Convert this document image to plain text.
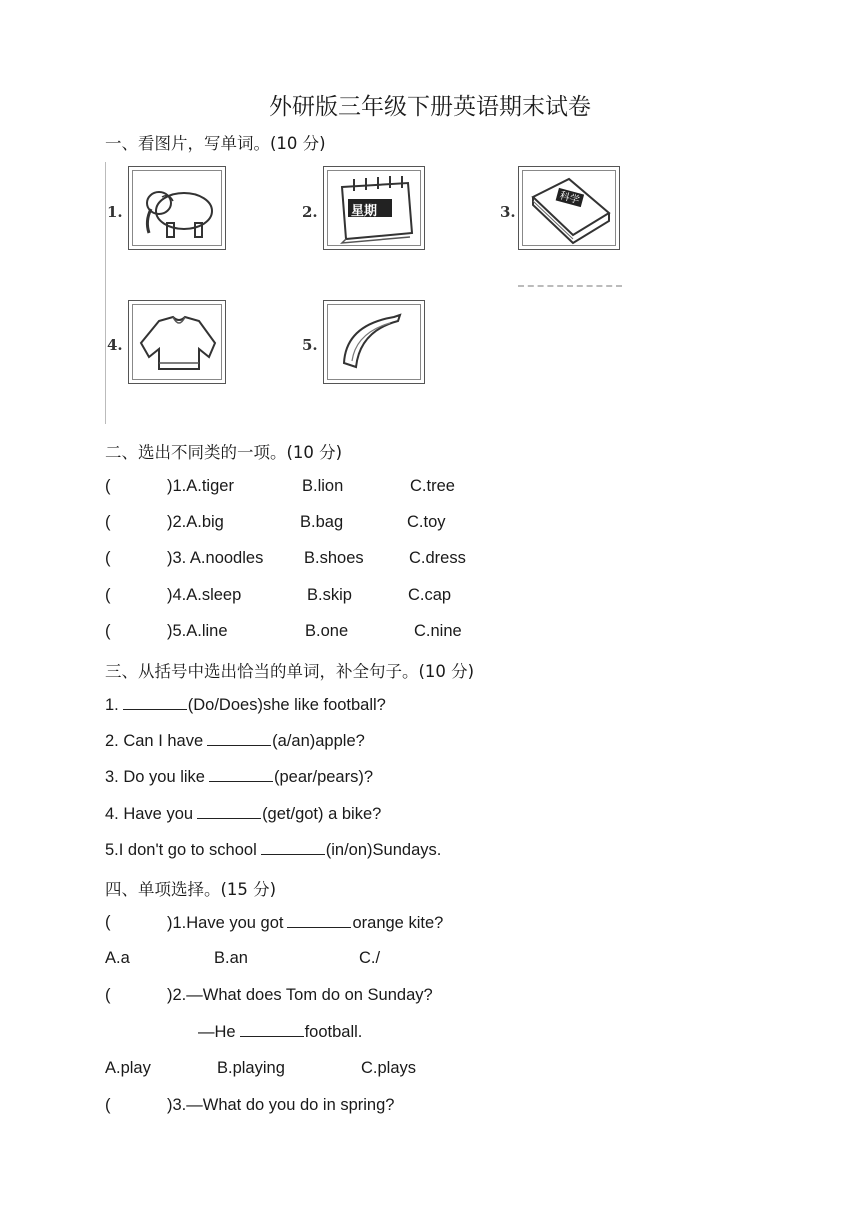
外研版三年级下册英语期末试卷
一、看图片，写单词。(10 分)
1.	2.	星期	3.
科学
4.	5.
二、选出不同类的一项。(10 分)
(	)1.A.tiger	B.lion	C.tree
(	)2.A.big	B.bag	C.toy
(	)3. A.noodles B.shoes	C.dress
(	)4.A.sleep	B.skip	C.cap
(	)5.A.line	B.one	C.nine
三、从括号中选出恰当的单词，补全句子。(10 分)
1.	(Do/Does)she like football?
2. Can I have	(a/an)apple?
3. Do you like	(pear/pears)?
4. Have you	(get/got) a bike?
5.I don't go to school	(in/on)Sundays.
四、单项选择。(15 分)
(	)1.Have you got	orange kite?
A.a	B.an	C./
(	)2.—What does Tom do on Sunday?
—He	football.
A.play	B.playing	C.plays
(	)3.—What do you do in spring?
